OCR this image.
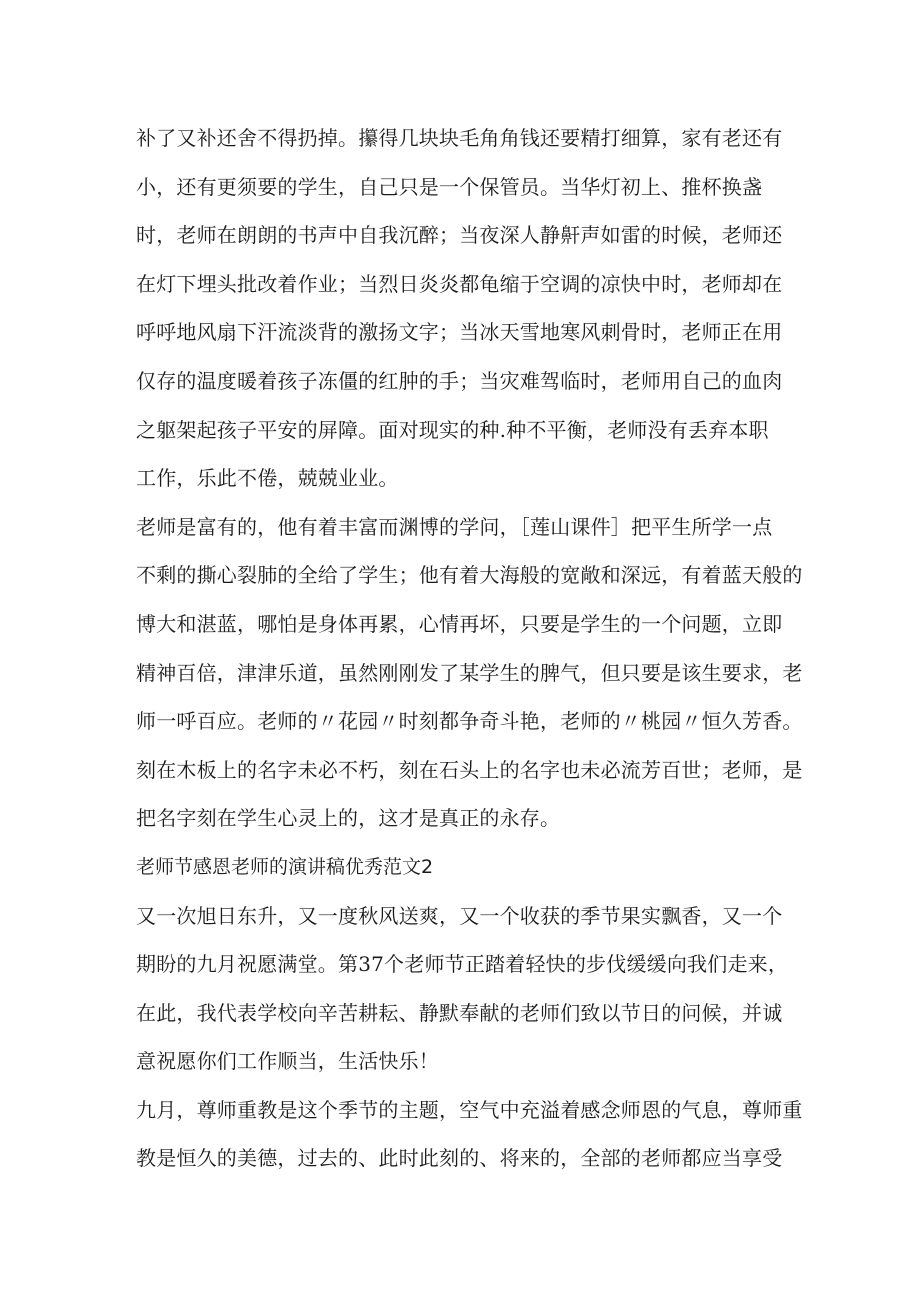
补了又补还舍不得扔掉。攥得几块块毛角角钱还要精打细算，家有老还有
小，还有更须要的学生，自己只是一个保管员。当华灯初上、推杯换盏
时，老师在朗朗的书声中自我沉醉；当夜深人静鼾声如雷的时候，老师还
在灯下埋头批改着作业；当烈日炎炎都龟缩于空调的凉快中时，老师却在
呼呼地风扇下汗流淡背的激扬文字；当冰天雪地寒风刺骨时，老师正在用
仅存的温度暖着孩子冻僵的红肿的手；当灾难驾临时，老师用自己的血肉
之躯架起孩子平安的屏障。面对现实的种.种不平衡，老师没有丢弃本职
工作，乐此不倦，兢兢业业。
老师是富有的，他有着丰富而渊博的学问，［莲山课件］把平生所学一点
不剩的撕心裂肺的全给了学生；他有着大海般的宽敞和深远，有着蓝天般的
博大和湛蓝，哪怕是身体再累，心情再坏，只要是学生的一个问题，立即
精神百倍，津津乐道，虽然刚刚发了某学生的脾气，但只要是该生要求，老
师一呼百应。老师的〃花园〃时刻都争奇斗艳，老师的〃桃园〃恒久芳香。
刻在木板上的名字未必不朽，刻在石头上的名字也未必流芳百世；老师，是
把名字刻在学生心灵上的，这才是真正的永存。
老师节感恩老师的演讲稿优秀范文2
又一次旭日东升，又一度秋风送爽，又一个收获的季节果实飘香，又一个
期盼的九月祝愿满堂。第37个老师节正踏着轻快的步伐缓缓向我们走来，
在此，我代表学校向辛苦耕耘、静默奉献的老师们致以节日的问候，并诚
意祝愿你们工作顺当，生活快乐！
九月，尊师重教是这个季节的主题，空气中充溢着感念师恩的气息，尊师重
教是恒久的美德，过去的、此时此刻的、将来的，全部的老师都应当享受
